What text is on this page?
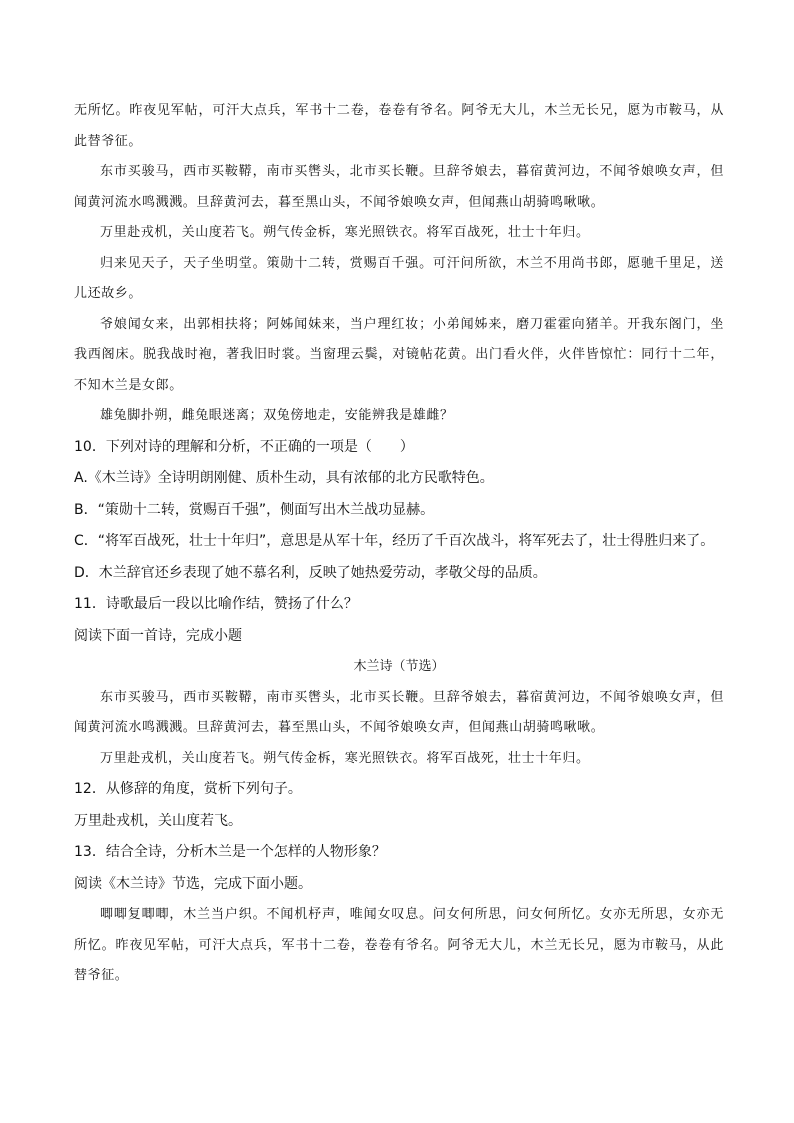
无所忆。昨夜见军帖，可汗大点兵，军书十二卷，卷卷有爷名。阿爷无大儿，木兰无长兄，愿为市鞍马，从此替爷征。

东市买骏马，西市买鞍鞯，南市买辔头，北市买长鞭。旦辞爷娘去，暮宿黄河边，不闻爷娘唤女声，但闻黄河流水鸣溅溅。旦辞黄河去，暮至黑山头，不闻爷娘唤女声，但闻燕山胡骑鸣啾啾。

万里赴戎机，关山度若飞。朔气传金柝，寒光照铁衣。将军百战死，壮士十年归。

归来见天子，天子坐明堂。策勋十二转，赏赐百千强。可汗问所欲，木兰不用尚书郎，愿驰千里足，送儿还故乡。

爷娘闻女来，出郭相扶将；阿姊闻妹来，当户理红妆；小弟闻姊来，磨刀霍霍向猪羊。开我东阁门，坐我西阁床。脱我战时袍，著我旧时裳。当窗理云鬓，对镜帖花黄。出门看火伴，火伴皆惊忙：同行十二年，不知木兰是女郎。

雄兔脚扑朔，雌兔眼迷离；双兔傍地走，安能辨我是雄雌？

10．下列对诗的理解和分析，不正确的一项是（　　）

A.《木兰诗》全诗明朗刚健、质朴生动，具有浓郁的北方民歌特色。

B．“策勋十二转，赏赐百千强”，侧面写出木兰战功显赫。

C．“将军百战死，壮士十年归”，意思是从军十年，经历了千百次战斗，将军死去了，壮士得胜归来了。

D．木兰辞官还乡表现了她不慕名利，反映了她热爱劳动，孝敬父母的品质。

11．诗歌最后一段以比喻作结，赞扬了什么？

阅读下面一首诗，完成小题

木兰诗（节选）

东市买骏马，西市买鞍鞯，南市买辔头，北市买长鞭。旦辞爷娘去，暮宿黄河边，不闻爷娘唤女声，但闻黄河流水鸣溅溅。旦辞黄河去，暮至黑山头，不闻爷娘唤女声，但闻燕山胡骑鸣啾啾。

万里赴戎机，关山度若飞。朔气传金柝，寒光照铁衣。将军百战死，壮士十年归。

12．从修辞的角度，赏析下列句子。

万里赴戎机，关山度若飞。

13．结合全诗，分析木兰是一个怎样的人物形象？

阅读《木兰诗》节选，完成下面小题。

唧唧复唧唧，木兰当户织。不闻机杼声，唯闻女叹息。问女何所思，问女何所忆。女亦无所思，女亦无所忆。昨夜见军帖，可汗大点兵，军书十二卷，卷卷有爷名。阿爷无大儿，木兰无长兄，愿为市鞍马，从此替爷征。
